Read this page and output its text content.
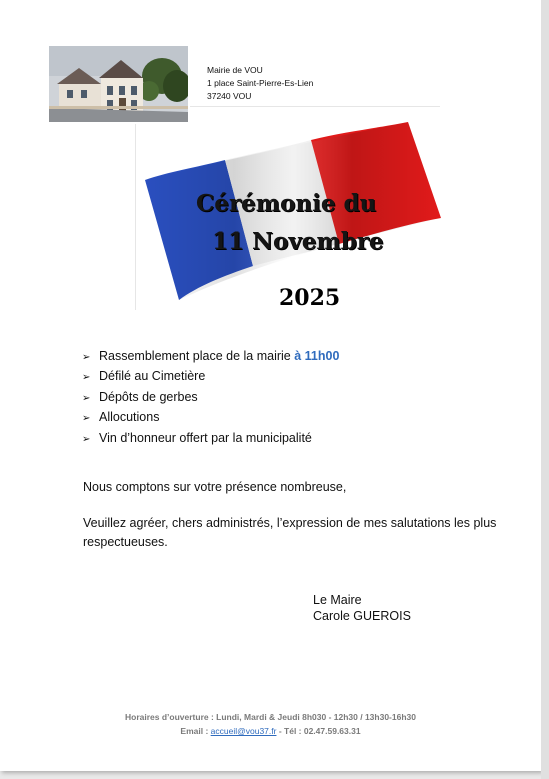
Mairie de VOU
1 place Saint-Pierre-Es-Lien
37240 VOU
Cérémonie du
11 Novembre
2025
➢ Rassemblement place de la mairie à 11h00
➢ Défilé au Cimetière
➢ Dépôts de gerbes
➢ Allocutions
➢ Vin d’honneur offert par la municipalité
Nous comptons sur votre présence nombreuse,
Veuillez agréer, chers administrés, l’expression de mes salutations les plus respectueuses.
Le Maire
Carole GUEROIS
Horaires d’ouverture : Lundi, Mardi & Jeudi 8h030 - 12h30 / 13h30-16h30
Email : accueil@vou37.fr - Tél : 02.47.59.63.31
